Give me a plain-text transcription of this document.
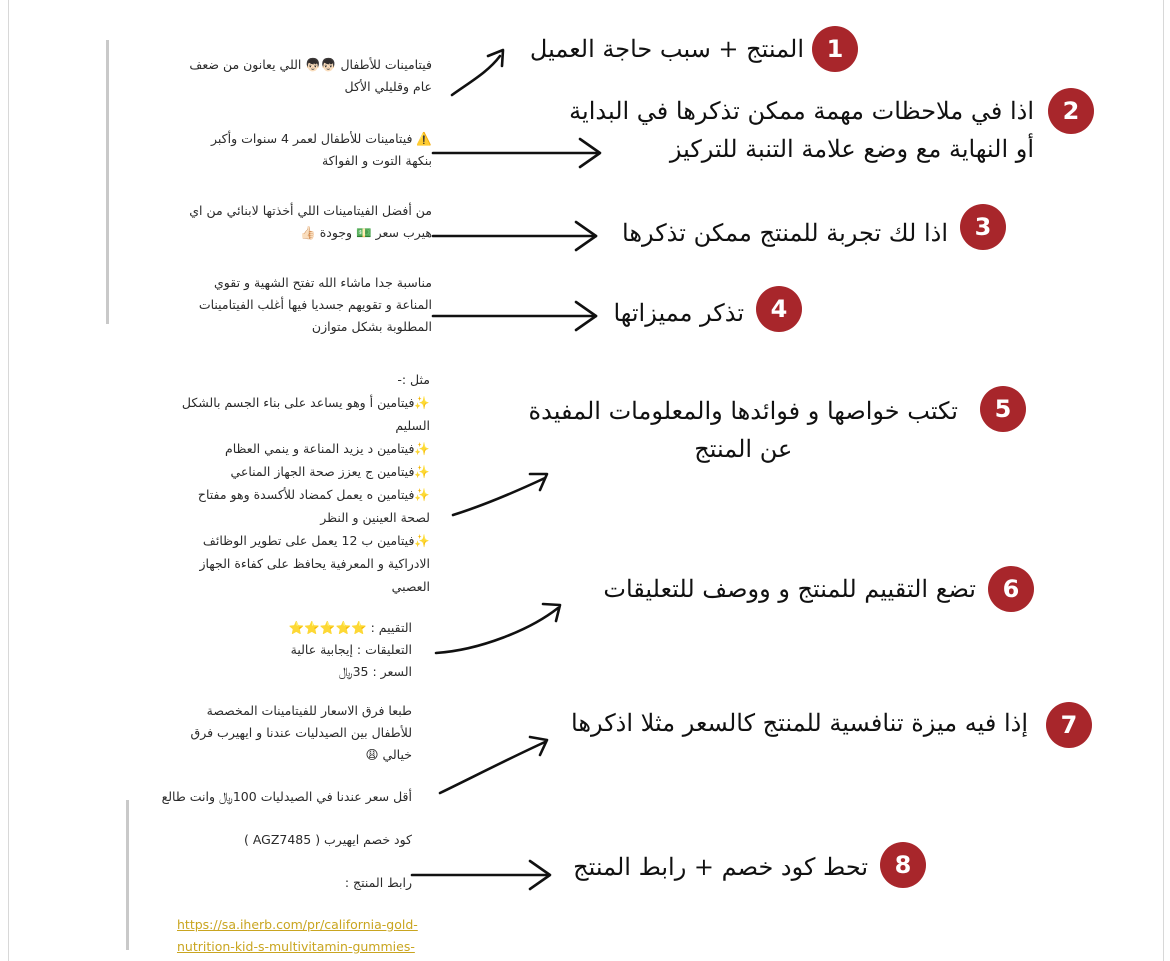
فيتامينات للأطفال 👦🏻👦🏻 اللي يعانون من ضعف
عام وقليلي الأكل
⚠️ فيتامينات للأطفال لعمر 4 سنوات وأكبر
بنكهة التوت و الفواكة
من أفضل الفيتامينات اللي أخذتها لابنائي من اي
هيرب سعر 💵 وجودة 👍🏻
مناسبة جدا ماشاء الله تفتح الشهية و تقوي
المناعة و تقويهم جسديا فيها أغلب الفيتامينات
المطلوبة بشكل متوازن
مثل :-
✨فيتامين أ وهو يساعد على بناء الجسم بالشكل
السليم
✨فيتامين د يزيد المناعة و ينمي العظام
✨فيتامين ج يعزز صحة الجهاز المناعي
✨فيتامين ه يعمل كمضاد للأكسدة وهو مفتاح
لصحة العينين و النظر
✨فيتامين ب 12 يعمل على تطوير الوظائف
الادراكية و المعرفية يحافظ على كفاءة الجهاز
العصبي
التقييم : ⭐⭐⭐⭐⭐
التعليقات : إيجابية عالية
السعر : 35﷼
طبعا فرق الاسعار للفيتامينات المخصصة
للأطفال بين الصيدليات عندنا و ايهيرب فرق
خيالي 😩
أقل سعر عندنا في الصيدليات 100﷼ وانت طالع
كود خصم ايهيرب ( AGZ7485 )
رابط المنتج :
https://sa.iherb.com/pr/california-gold-
nutrition-kid-s-multivitamin-gummies-
1
المنتج + سبب حاجة العميل
2
اذا في ملاحظات مهمة ممكن تذكرها في البداية
أو النهاية مع وضع علامة التنبة للتركيز
3
اذا لك تجربة للمنتج ممكن تذكرها
4
تذكر مميزاتها
5
تكتب خواصها و فوائدها والمعلومات المفيدة
عن المنتج
6
تضع التقييم للمنتج و ووصف للتعليقات
7
إذا فيه ميزة تنافسية للمنتج كالسعر مثلا اذكرها
8
تحط كود خصم + رابط المنتج
